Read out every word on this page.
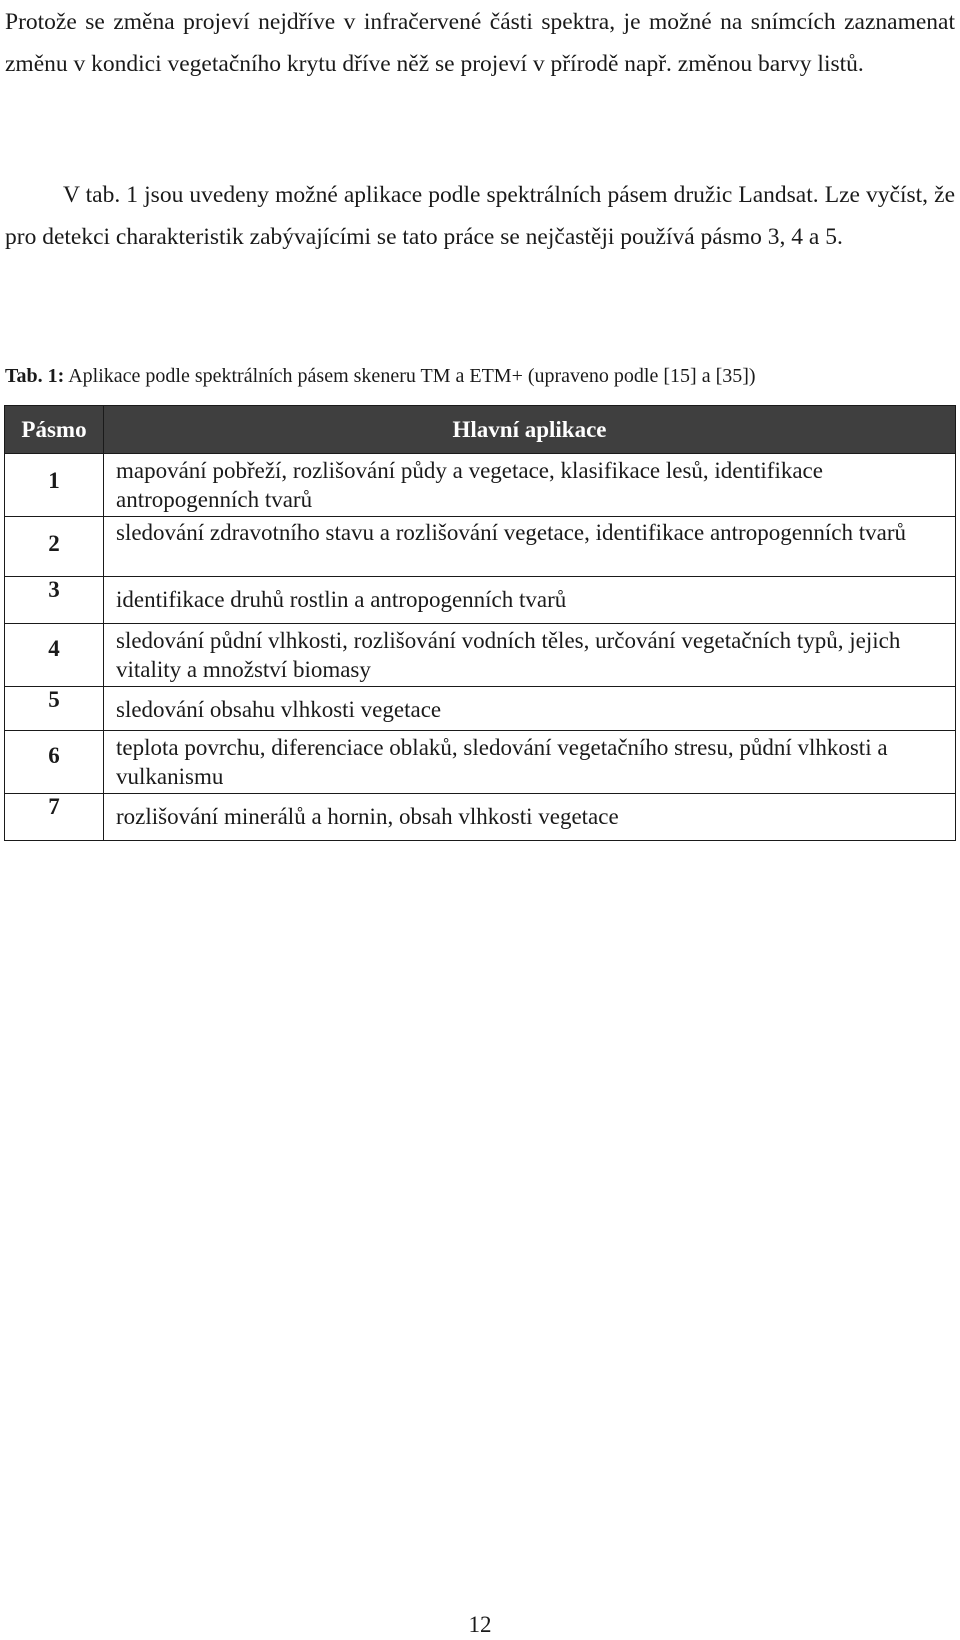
Protože se změna projeví nejdříve v infračervené části spektra, je možné na snímcích zaznamenat změnu v kondici vegetačního krytu dříve něž se projeví v přírodě např. změnou barvy listů.

V tab. 1 jsou uvedeny možné aplikace podle spektrálních pásem družic Landsat. Lze vyčíst, že pro detekci charakteristik zabývajícími se tato práce se nejčastěji používá pásmo 3, 4 a 5.

Tab. 1: Aplikace podle spektrálních pásem skeneru TM a ETM+ (upraveno podle [15] a [35])
Pásmo	Hlavní aplikace

1	mapování pobřeží, rozlišování půdy a vegetace, klasifikace lesů, identifikace antropogenních tvarů

2	sledování zdravotního stavu a rozlišování vegetace, identifikace antropogenních tvarů

3	identifikace druhů rostlin a antropogenních tvarů

4	sledování půdní vlhkosti, rozlišování vodních těles, určování vegetačních typů, jejich vitality a množství biomasy

5	sledování obsahu vlhkosti vegetace

6	teplota povrchu, diferenciace oblaků, sledování vegetačního stresu, půdní vlhkosti a vulkanismu

7	rozlišování minerálů a hornin, obsah vlhkosti vegetace
12
